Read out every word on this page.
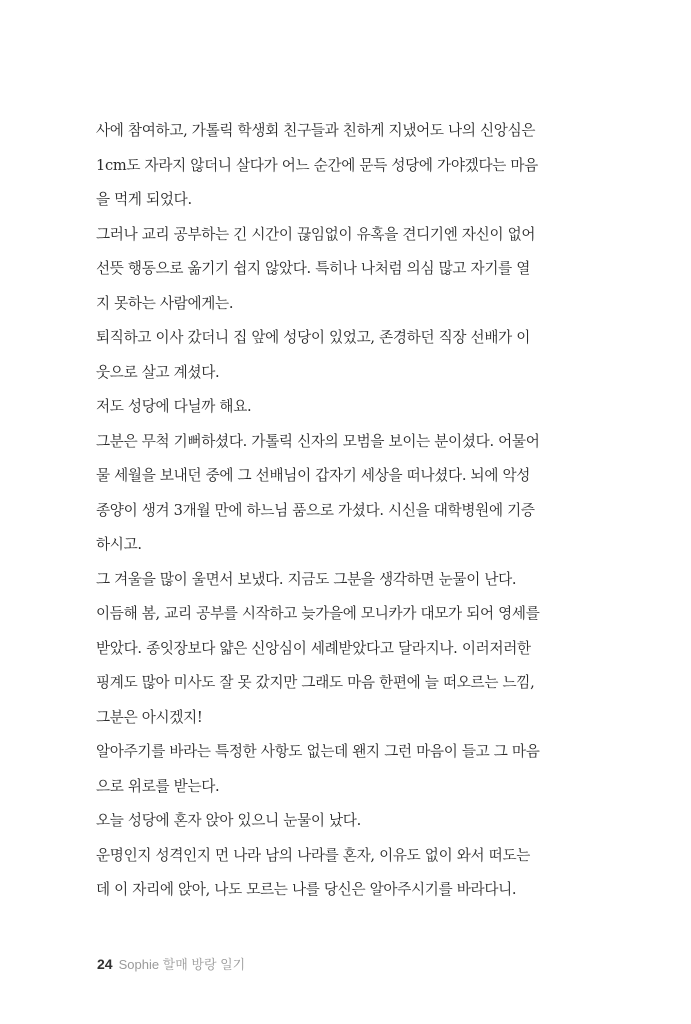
사에 참여하고, 가톨릭 학생회 친구들과 친하게 지냈어도 나의 신앙심은
1cm도 자라지 않더니 살다가 어느 순간에 문득 성당에 가야겠다는 마음
을 먹게 되었다.
그러나 교리 공부하는 긴 시간이 끊임없이 유혹을 견디기엔 자신이 없어
선뜻 행동으로 옮기기 쉽지 않았다. 특히나 나처럼 의심 많고 자기를 열
지 못하는 사람에게는.
퇴직하고 이사 갔더니 집 앞에 성당이 있었고, 존경하던 직장 선배가 이
웃으로 살고 계셨다.
저도 성당에 다닐까 해요.
그분은 무척 기뻐하셨다. 가톨릭 신자의 모범을 보이는 분이셨다. 어물어
물 세월을 보내던 중에 그 선배님이 갑자기 세상을 떠나셨다. 뇌에 악성
종양이 생겨 3개월 만에 하느님 품으로 가셨다. 시신을 대학병원에 기증
하시고.
그 겨울을 많이 울면서 보냈다. 지금도 그분을 생각하면 눈물이 난다.
이듬해 봄, 교리 공부를 시작하고 늦가을에 모니카가 대모가 되어 영세를
받았다. 종잇장보다 얇은 신앙심이 세례받았다고 달라지나. 이러저러한
핑계도 많아 미사도 잘 못 갔지만 그래도 마음 한편에 늘 떠오르는 느낌,
그분은 아시겠지!
알아주기를 바라는 특정한 사항도 없는데 왠지 그런 마음이 들고 그 마음
으로 위로를 받는다.
오늘 성당에 혼자 앉아 있으니 눈물이 났다.
운명인지 성격인지 먼 나라 남의 나라를 혼자, 이유도 없이 와서 떠도는
데 이 자리에 앉아, 나도 모르는 나를 당신은 알아주시기를 바라다니.
24 Sophie 할매 방랑 일기
